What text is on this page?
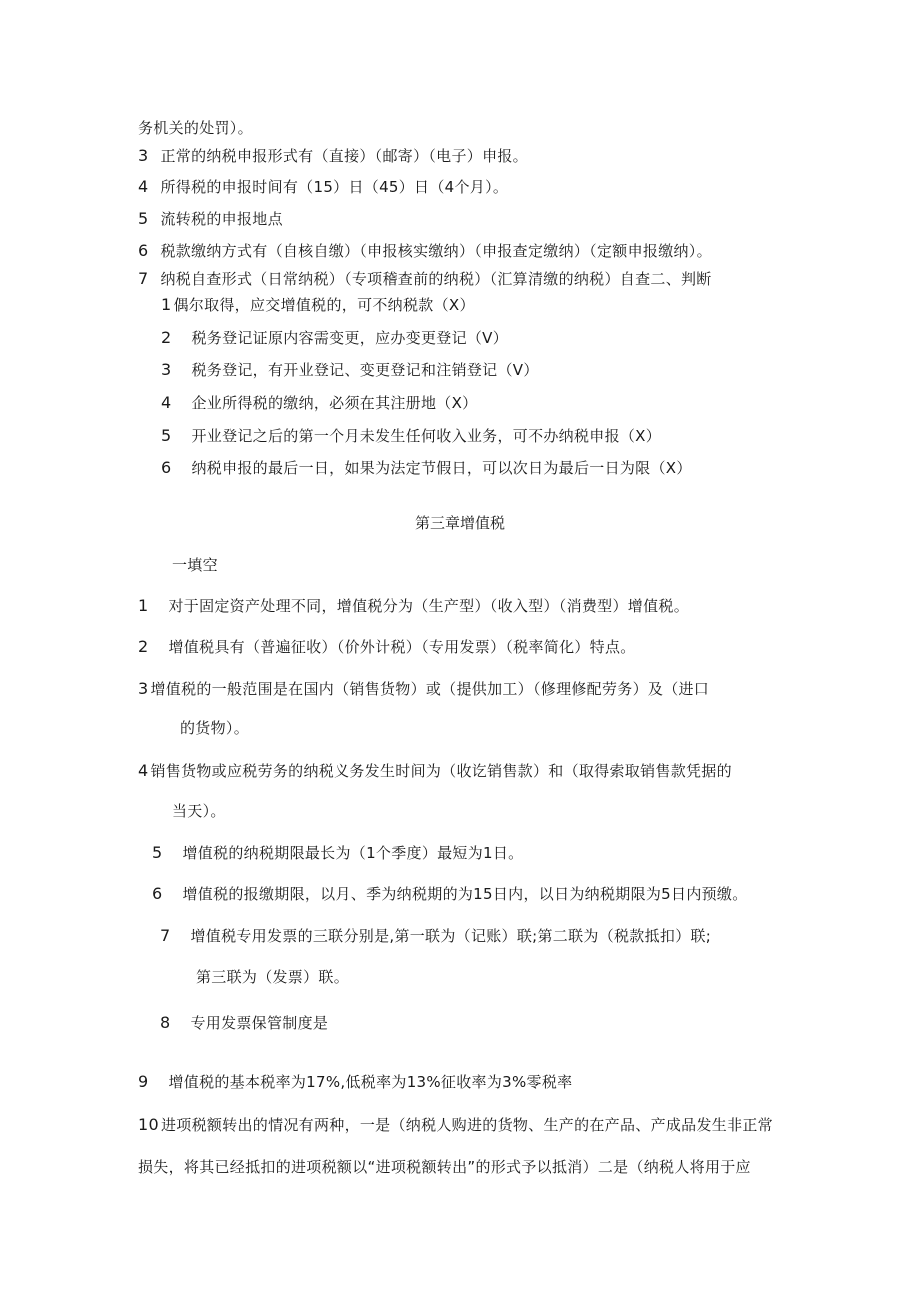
务机关的处罚）。
3 正常的纳税申报形式有（直接）（邮寄）（电子）申报。
4 所得税的申报时间有（15）日（45）日（4个月）。
5 流转税的申报地点
6 税款缴纳方式有（自核自缴）（申报核实缴纳）（申报查定缴纳）（定额申报缴纳）。
7 纳税自查形式（日常纳税）（专项稽查前的纳税）（汇算清缴的纳税）自查二、判断
1 偶尔取得，应交增值税的，可不纳税款（X）
2 税务登记证原内容需变更，应办变更登记（V）
3 税务登记，有开业登记、变更登记和注销登记（V）
4 企业所得税的缴纳，必须在其注册地（X）
5 开业登记之后的第一个月未发生任何收入业务，可不办纳税申报（X）
6 纳税申报的最后一日，如果为法定节假日，可以次日为最后一日为限（X）
第三章增值税
一填空
1 对于固定资产处理不同，增值税分为（生产型）（收入型）（消费型）增值税。
2 增值税具有（普遍征收）（价外计税）（专用发票）（税率简化）特点。
3 增值税的一般范围是在国内（销售货物）或（提供加工）（修理修配劳务）及（进口
的货物）。
4 销售货物或应税劳务的纳税义务发生时间为（收讫销售款）和（取得索取销售款凭据的
当天）。
5 增值税的纳税期限最长为（1个季度）最短为1日。
6 增值税的报缴期限，以月、季为纳税期的为15日内，以日为纳税期限为5日内预缴。
7 增值税专用发票的三联分别是,第一联为（记账）联;第二联为（税款抵扣）联;
第三联为（发票）联。
8 专用发票保管制度是
9 增值税的基本税率为17%,低税率为13%征收率为3%零税率
10 进项税额转出的情况有两种，一是（纳税人购进的货物、生产的在产品、产成品发生非正常
损失，将其已经抵扣的进项税额以“进项税额转出”的形式予以抵消）二是（纳税人将用于应
